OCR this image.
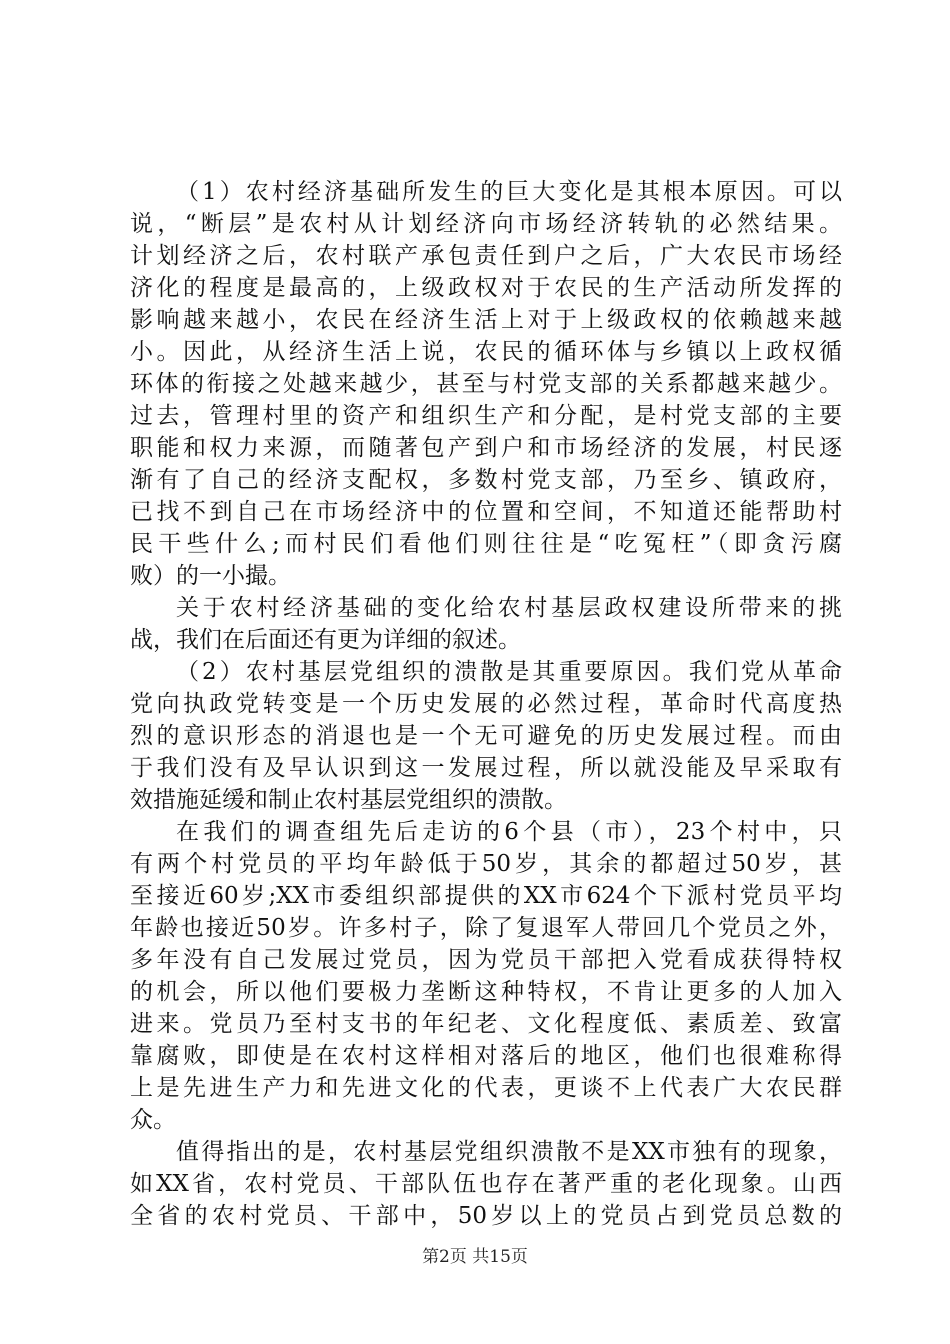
（1）农村经济基础所发生的巨大变化是其根本原因。可以
说，“断层”是农村从计划经济向市场经济转轨的必然结果。
计划经济之后，农村联产承包责任到户之后，广大农民市场经
济化的程度是最高的，上级政权对于农民的生产活动所发挥的
影响越来越小，农民在经济生活上对于上级政权的依赖越来越
小。因此，从经济生活上说，农民的循环体与乡镇以上政权循
环体的衔接之处越来越少，甚至与村党支部的关系都越来越少。
过去，管理村里的资产和组织生产和分配，是村党支部的主要
职能和权力来源，而随著包产到户和市场经济的发展，村民逐
渐有了自己的经济支配权，多数村党支部，乃至乡、镇政府，
已找不到自己在市场经济中的位置和空间，不知道还能帮助村
民干些什么;而村民们看他们则往往是“吃冤枉”（即贪污腐
败）的一小撮。
关于农村经济基础的变化给农村基层政权建设所带来的挑
战，我们在后面还有更为详细的叙述。
（2）农村基层党组织的溃散是其重要原因。我们党从革命
党向执政党转变是一个历史发展的必然过程，革命时代高度热
烈的意识形态的消退也是一个无可避免的历史发展过程。而由
于我们没有及早认识到这一发展过程，所以就没能及早采取有
效措施延缓和制止农村基层党组织的溃散。
在我们的调查组先后走访的6个县（市），23个村中，只
有两个村党员的平均年龄低于50岁，其余的都超过50岁，甚
至接近60岁;XX市委组织部提供的XX市624个下派村党员平均
年龄也接近50岁。许多村子，除了复退军人带回几个党员之外，
多年没有自己发展过党员，因为党员干部把入党看成获得特权
的机会，所以他们要极力垄断这种特权，不肯让更多的人加入
进来。党员乃至村支书的年纪老、文化程度低、素质差、致富
靠腐败，即使是在农村这样相对落后的地区，他们也很难称得
上是先进生产力和先进文化的代表，更谈不上代表广大农民群
众。
值得指出的是，农村基层党组织溃散不是XX市独有的现象，
如XX省，农村党员、干部队伍也存在著严重的老化现象。山西
全省的农村党员、干部中，50岁以上的党员占到党员总数的
第2页 共15页
